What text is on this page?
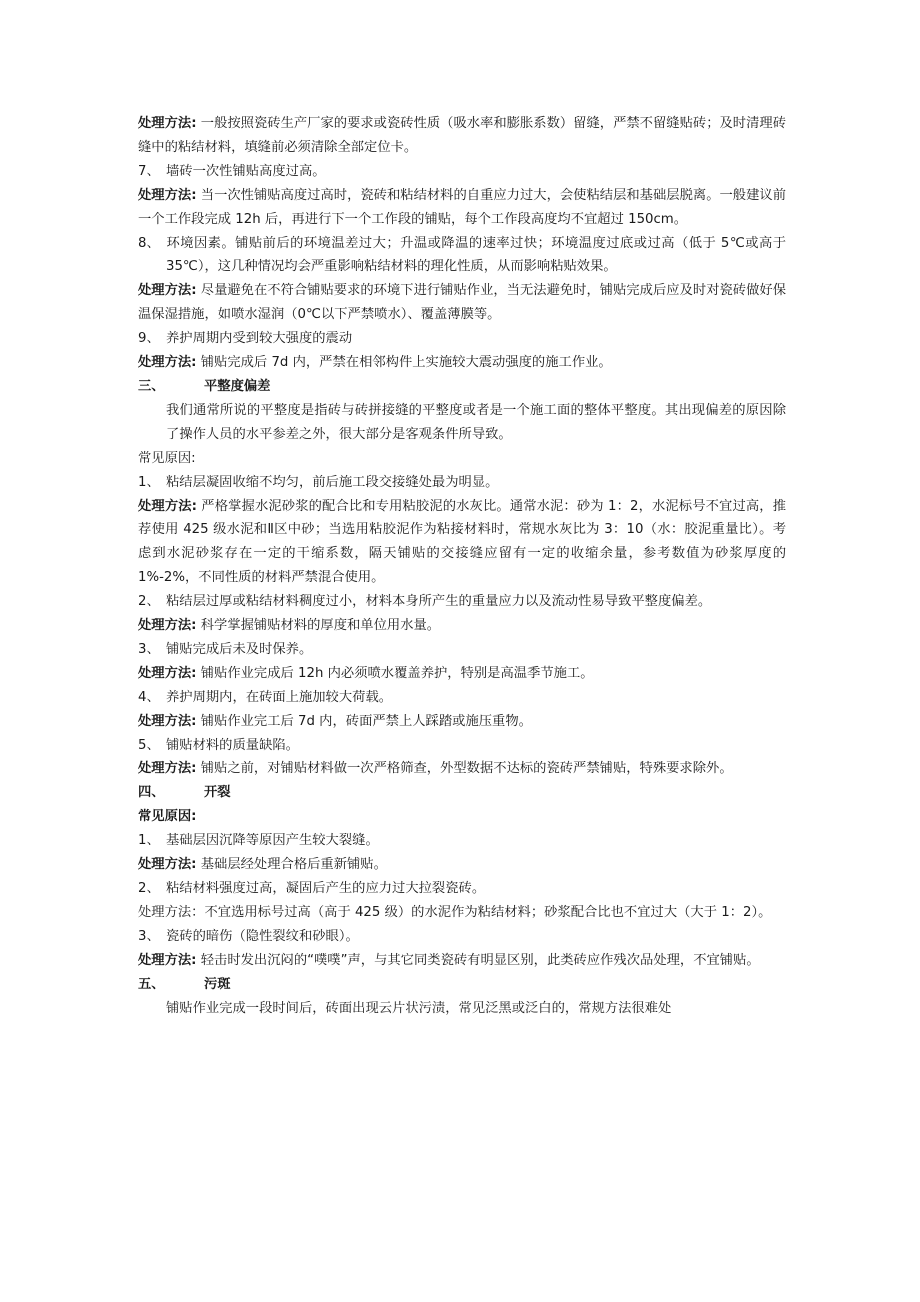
处理方法: 一般按照瓷砖生产厂家的要求或瓷砖性质（吸水率和膨胀系数）留缝，严禁不留缝贴砖；及时清理砖缝中的粘结材料，填缝前必须清除全部定位卡。

7、 墙砖一次性铺贴高度过高。

处理方法: 当一次性铺贴高度过高时，瓷砖和粘结材料的自重应力过大，会使粘结层和基础层脱离。一般建议前一个工作段完成 12h 后，再进行下一个工作段的铺贴，每个工作段高度均不宜超过 150cm。

8、 环境因素。铺贴前后的环境温差过大；升温或降温的速率过快；环境温度过底或过高（低于 5℃或高于 35℃），这几种情况均会严重影响粘结材料的理化性质，从而影响粘贴效果。

处理方法: 尽量避免在不符合铺贴要求的环境下进行铺贴作业，当无法避免时，铺贴完成后应及时对瓷砖做好保温保湿措施，如喷水湿润（0℃以下严禁喷水）、覆盖薄膜等。

9、 养护周期内受到较大强度的震动

处理方法: 铺贴完成后 7d 内，严禁在相邻构件上实施较大震动强度的施工作业。

三、	平整度偏差

我们通常所说的平整度是指砖与砖拼接缝的平整度或者是一个施工面的整体平整度。其出现偏差的原因除了操作人员的水平参差之外，很大部分是客观条件所导致。

常见原因:

1、 粘结层凝固收缩不均匀，前后施工段交接缝处最为明显。

处理方法: 严格掌握水泥砂浆的配合比和专用粘胶泥的水灰比。通常水泥：砂为 1：2，水泥标号不宜过高，推荐使用 425 级水泥和Ⅱ区中砂；当选用粘胶泥作为粘接材料时，常规水灰比为 3：10（水：胶泥重量比）。考虑到水泥砂浆存在一定的干缩系数，隔天铺贴的交接缝应留有一定的收缩余量，参考数值为砂浆厚度的 1%-2%，不同性质的材料严禁混合使用。

2、 粘结层过厚或粘结材料稠度过小，材料本身所产生的重量应力以及流动性易导致平整度偏差。

处理方法: 科学掌握铺贴材料的厚度和单位用水量。

3、 铺贴完成后未及时保养。

处理方法: 铺贴作业完成后 12h 内必须喷水覆盖养护，特别是高温季节施工。

4、 养护周期内，在砖面上施加较大荷载。

处理方法: 铺贴作业完工后 7d 内，砖面严禁上人踩踏或施压重物。

5、 铺贴材料的质量缺陷。

处理方法: 铺贴之前，对铺贴材料做一次严格筛查，外型数据不达标的瓷砖严禁铺贴，特殊要求除外。

四、	开裂

常见原因:

1、 基础层因沉降等原因产生较大裂缝。

处理方法: 基础层经处理合格后重新铺贴。

2、 粘结材料强度过高，凝固后产生的应力过大拉裂瓷砖。

处理方法：不宜选用标号过高（高于 425 级）的水泥作为粘结材料；砂浆配合比也不宜过大（大于 1：2）。

3、 瓷砖的暗伤（隐性裂纹和砂眼）。

处理方法: 轻击时发出沉闷的“噗噗”声，与其它同类瓷砖有明显区别，此类砖应作残次品处理，不宜铺贴。

五、	污斑

铺贴作业完成一段时间后，砖面出现云片状污渍，常见泛黑或泛白的，常规方法很难处
